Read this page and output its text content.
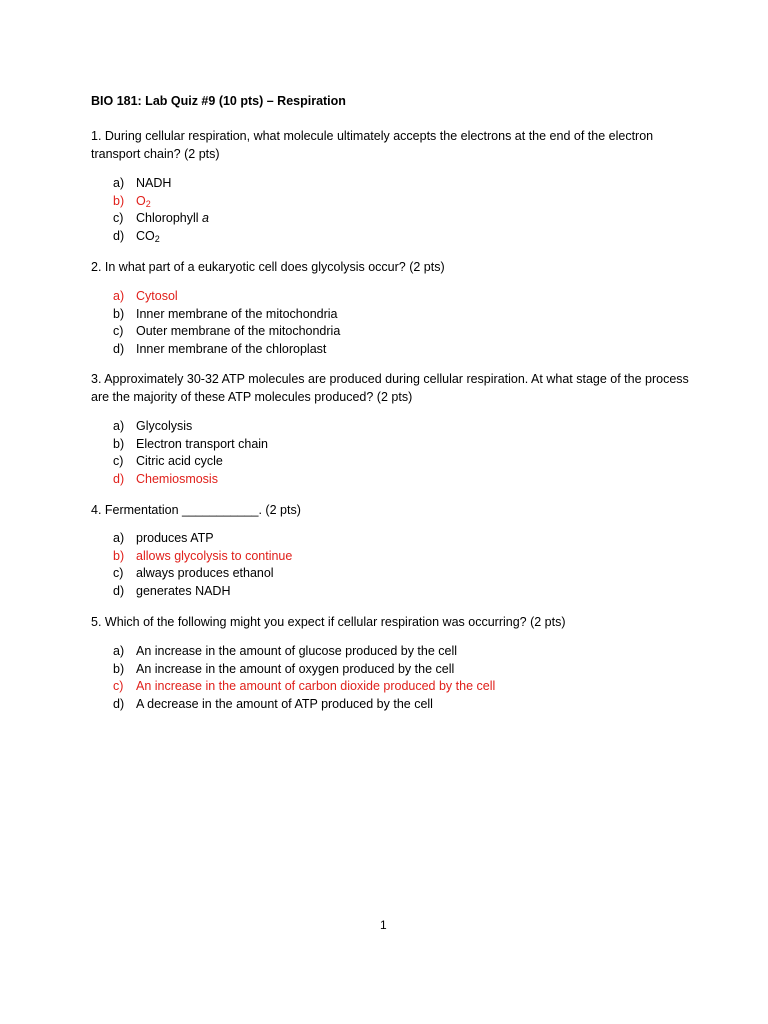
BIO 181: Lab Quiz #9 (10 pts) – Respiration
1. During cellular respiration, what molecule ultimately accepts the electrons at the end of the electron transport chain? (2 pts)
a) NADH
b) $O_2$
c) Chlorophyll a
d) $CO_2$
2. In what part of a eukaryotic cell does glycolysis occur? (2 pts)
a) Cytosol
b) Inner membrane of the mitochondria
c) Outer membrane of the mitochondria
d) Inner membrane of the chloroplast
3. Approximately 30-32 ATP molecules are produced during cellular respiration. At what stage of the process are the majority of these ATP molecules produced? (2 pts)
a) Glycolysis
b) Electron transport chain
c) Citric acid cycle
d) Chemiosmosis
4. Fermentation ___________. (2 pts)
a) produces ATP
b) allows glycolysis to continue
c) always produces ethanol
d) generates NADH
5. Which of the following might you expect if cellular respiration was occurring? (2 pts)
a) An increase in the amount of glucose produced by the cell
b) An increase in the amount of oxygen produced by the cell
c) An increase in the amount of carbon dioxide produced by the cell
d) A decrease in the amount of ATP produced by the cell
1
